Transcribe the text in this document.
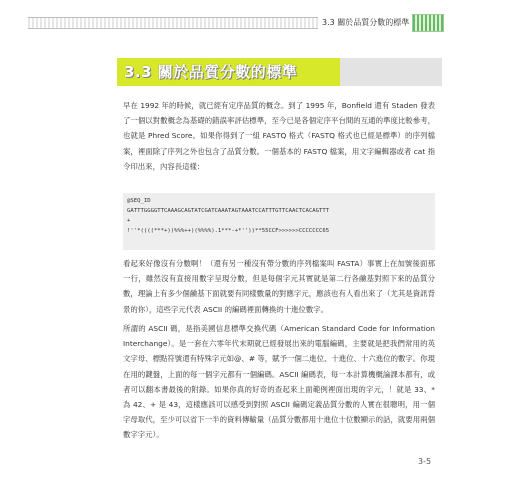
3.3 關於品質分數的標準
3.3 關於品質分數的標準

早在 1992 年的時候，就已經有定序品質的概念。到了 1995 年，Bonfield 還有 Staden 發表了一個以對數概念為基礎的錯誤率評估標準，至今已是各個定序平台間的互通的準度比較參考，也就是 Phred Score。如果你得到了一組 FASTQ 格式（FASTQ 格式也已經是標準）的序列檔案，裡面除了序列之外也包含了品質分數。一個基本的 FASTQ 檔案，用文字編輯器或者 cat 指令印出來，內容長這樣：

@SEQ_ID
GATTTGGGGTTCAAAGCAGTATCGATCAAATAGTAAATCCATTTGTTCAACTCACAGTTT
+
!''*((((***+))%%%++)(%%%%).1***-+*''))**55CCF>>>>>>CCCCCCC65

看起來好像沒有分數啊！（還有另一種沒有帶分數的序列檔案叫 FASTA）事實上在加號後面那一行，雖然沒有直接用數字呈現分數，但是每個字元其實就是第二行各鹼基對照下來的品質分數，理論上有多少個鹼基下面就要有同樣數量的對應字元，應該也有人看出來了（尤其是資訊背景的你），這些字元代表 ASCII 的編碼裡面轉換的十進位數字。

所謂的 ASCII 碼，是指美國信息標準交換代碼（American Standard Code for Information Interchange）。是一套在六零年代末期就已經發展出來的電腦編碼，主要就是把我們常用的英文字母、標點符號還有特殊字元如@、# 等，賦予一個二進位、十進位、十六進位的數字。你現在用的鍵盤，上面的每一個字元都有一個編碼。ASCII 編碼表，每一本計算機概論課本都有，或者可以翻本書最後的附錄。如果你真的好奇的查起來上面範例裡面出現的字元，！就是 33、* 為 42、+ 是 43，這樣應該可以感受到對照 ASCII 編碼定義品質分數的人實在很聰明，用一個字母取代，至少可以省下一半的資料傳輸量（品質分數都用十進位十位數顯示的話，就要用兩個數字字元）。

3-5
